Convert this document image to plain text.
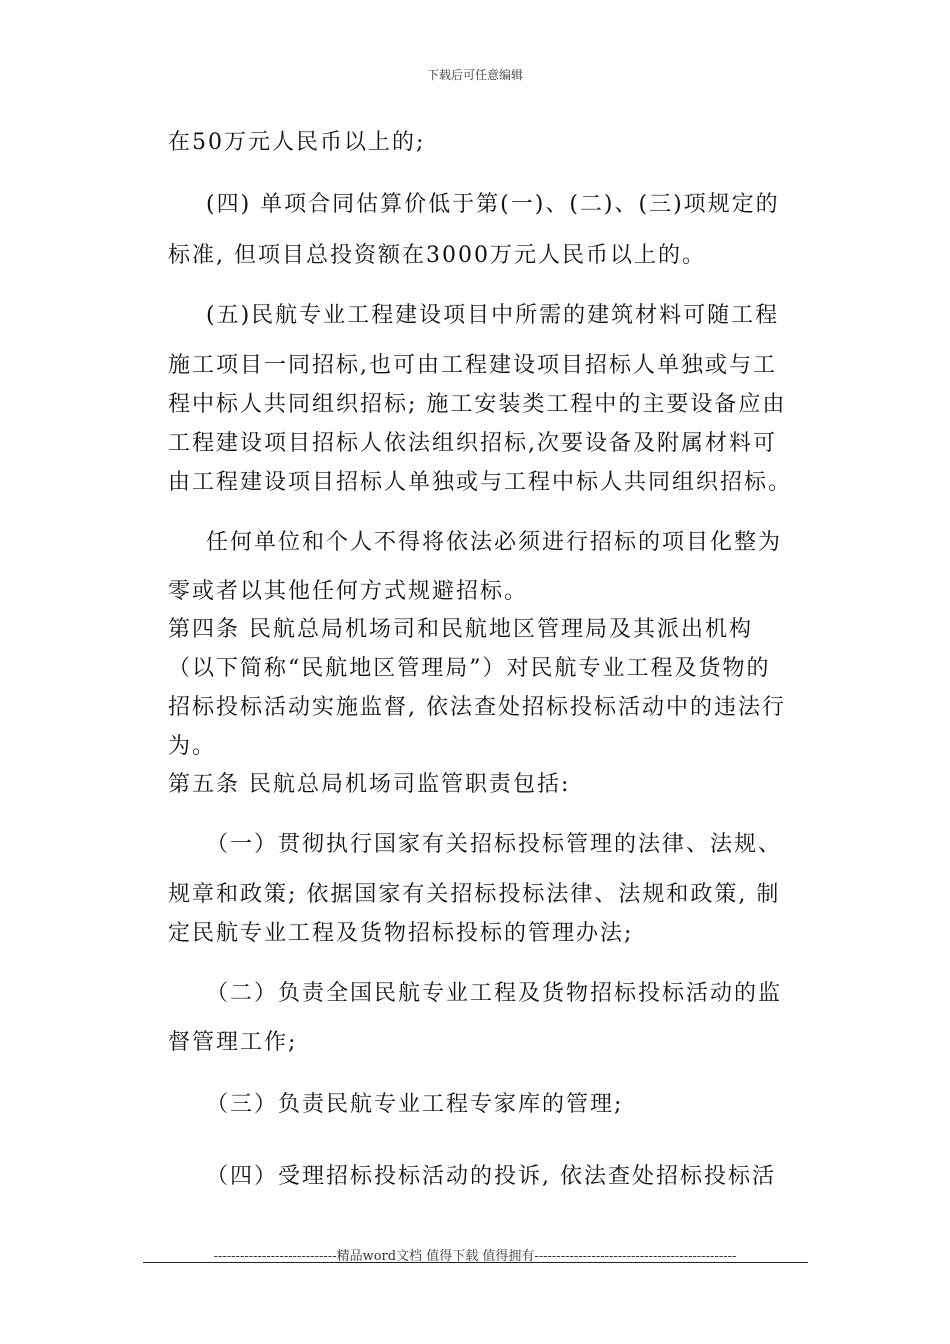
下载后可任意编辑
在50万元人民币以上的;
(四) 单项合同估算价低于第(一)、(二)、(三)项规定的
标准, 但项目总投资额在3000万元人民币以上的。
(五)民航专业工程建设项目中所需的建筑材料可随工程
施工项目一同招标,也可由工程建设项目招标人单独或与工
程中标人共同组织招标; 施工安装类工程中的主要设备应由
工程建设项目招标人依法组织招标,次要设备及附属材料可
由工程建设项目招标人单独或与工程中标人共同组织招标。
任何单位和个人不得将依法必须进行招标的项目化整为
零或者以其他任何方式规避招标。
第四条 民航总局机场司和民航地区管理局及其派出机构
（以下简称“民航地区管理局”）对民航专业工程及货物的
招标投标活动实施监督, 依法查处招标投标活动中的违法行
为。
第五条 民航总局机场司监管职责包括:
（一）贯彻执行国家有关招标投标管理的法律、法规、
规章和政策; 依据国家有关招标投标法律、法规和政策, 制
定民航专业工程及货物招标投标的管理办法;
（二）负责全国民航专业工程及货物招标投标活动的监
督管理工作;
（三）负责民航专业工程专家库的管理;
（四）受理招标投标活动的投诉, 依法查处招标投标活
----------------------------精品word文档 值得下载 值得拥有----------------------------------------------
